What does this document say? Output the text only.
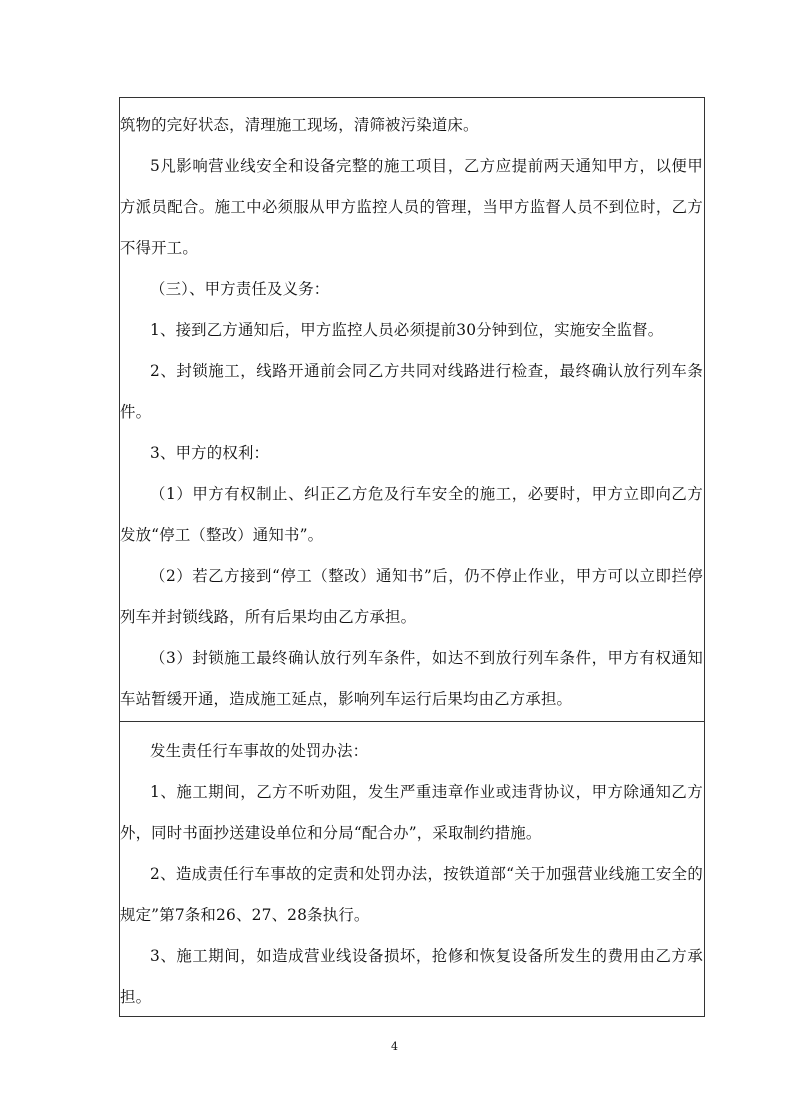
筑物的完好状态，清理施工现场，清筛被污染道床。

5凡影响营业线安全和设备完整的施工项目，乙方应提前两天通知甲方，以便甲方派员配合。施工中必须服从甲方监控人员的管理，当甲方监督人员不到位时，乙方不得开工。

（三）、甲方责任及义务：

1、接到乙方通知后，甲方监控人员必须提前30分钟到位，实施安全监督。

2、封锁施工，线路开通前会同乙方共同对线路进行检查，最终确认放行列车条件。

3、甲方的权利：

（1）甲方有权制止、纠正乙方危及行车安全的施工，必要时，甲方立即向乙方发放“停工（整改）通知书”。

（2）若乙方接到“停工（整改）通知书”后，仍不停止作业，甲方可以立即拦停列车并封锁线路，所有后果均由乙方承担。

（3）封锁施工最终确认放行列车条件，如达不到放行列车条件，甲方有权通知车站暂缓开通，造成施工延点，影响列车运行后果均由乙方承担。

发生责任行车事故的处罚办法：

1、施工期间，乙方不听劝阻，发生严重违章作业或违背协议，甲方除通知乙方外，同时书面抄送建设单位和分局“配合办”，采取制约措施。

2、造成责任行车事故的定责和处罚办法，按铁道部“关于加强营业线施工安全的规定”第7条和26、27、28条执行。

3、施工期间，如造成营业线设备损坏，抢修和恢复设备所发生的费用由乙方承担。

4
